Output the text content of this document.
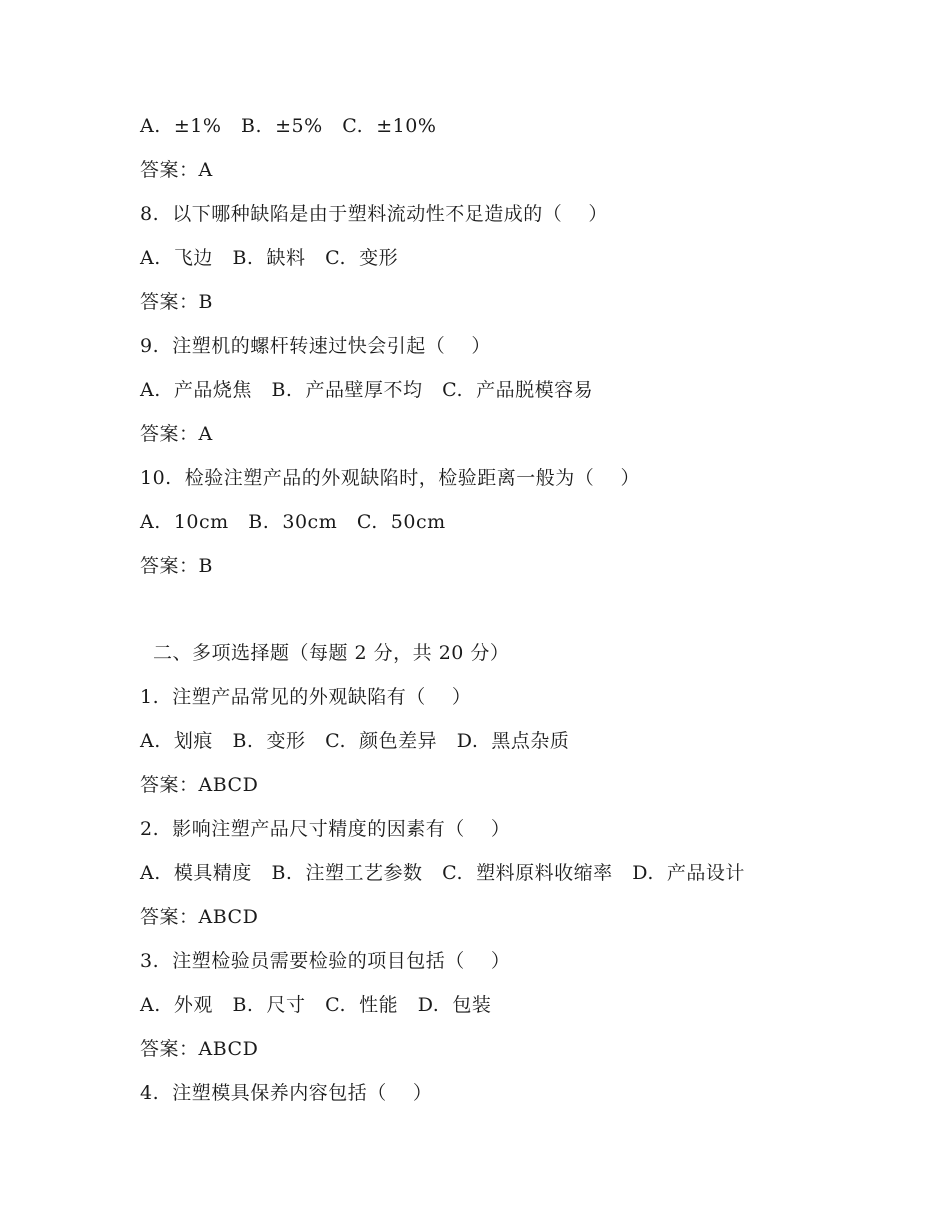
A.  ±1%   B.  ±5%   C.  ±10%
答案：A
8.  以下哪种缺陷是由于塑料流动性不足造成的（    ）
A.  飞边   B.  缺料   C.  变形
答案：B
9.  注塑机的螺杆转速过快会引起（    ）
A.  产品烧焦   B.  产品壁厚不均   C.  产品脱模容易
答案：A
10.  检验注塑产品的外观缺陷时，检验距离一般为（    ）
A.  10cm   B.  30cm   C.  50cm
答案：B
二、多项选择题（每题 2 分，共 20 分）
1.  注塑产品常见的外观缺陷有（    ）
A.  划痕   B.  变形   C.  颜色差异   D.  黑点杂质
答案：ABCD
2.  影响注塑产品尺寸精度的因素有（    ）
A.  模具精度   B.  注塑工艺参数   C.  塑料原料收缩率   D.  产品设计
答案：ABCD
3.  注塑检验员需要检验的项目包括（    ）
A.  外观   B.  尺寸   C.  性能   D.  包装
答案：ABCD
4.  注塑模具保养内容包括（    ）
